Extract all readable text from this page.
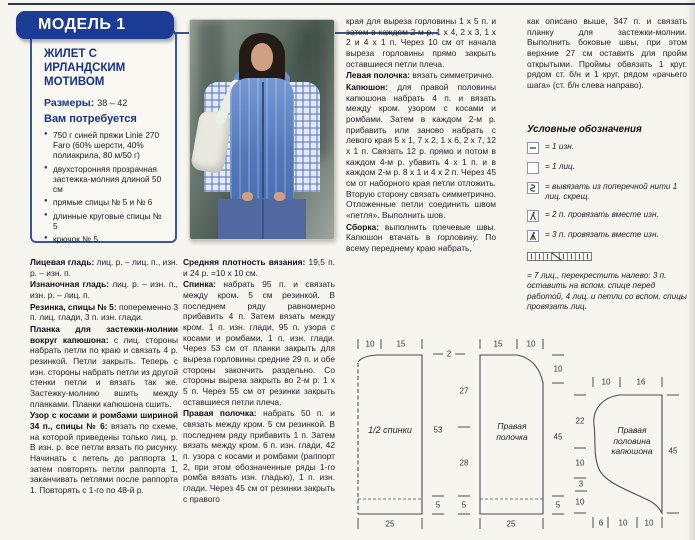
МОДЕЛЬ 1

ЖИЛЕТ С ИРЛАНДСКИМ МОТИВОМ

Размеры: 38 – 42

Вам потребуется

● 750 г синей пряжи Linie 270 Faro (60% шерсти, 40% полиакрила, 80 м/50 г)
● двухсторонняя прозрачная застежка-молния длиной 50 см
● прямые спицы № 5 и № 6
● длинные круговые спицы № 5
● крючок № 5

Лицевая гладь: лиц. р. – лиц. п., изн. р. – изн. п.

Изнаночная гладь: лиц. р. – изн. п., изн. р. – лиц. п.

Резинка, спицы № 5: попеременно 3 п. лиц. глади, 3 п. изн. глади.

Планка для застежки-молнии вокруг капюшона: с лиц. стороны набрать петли по краю и связать 4 р. резинкой. Петли закрыть. Теперь с изн. стороны набрать петли из другой стенки петли и вязать так же. Застежку-молнию вшить между планками. Планки капюшона сшить.

Узор с косами и ромбами шириной 34 п., спицы № 6: вязать по схеме, на которой приведены только лиц. р. В изн. р. все петли вязать по рисунку. Начинать с петель до раппорта 1, затем повторять петли раппорта 1, заканчивать петлями после раппорта 1. Повторять с 1-го по 48-й р.

Средняя плотность вязания: 19,5 п. и 24 р. =10 х 10 см.

Спинка: набрать 95 п. и связать между кром. 5 см резинкой. В последнем ряду равномерно прибавить 4 п. Затем вязать между кром. 1 п. изн. глади, 95 п. узора с косами и ромбами, 1 п. изн. глади. Через 53 см от планки закрыть для выреза горловины средние 29 п. и обе стороны закончить раздельно. Со стороны выреза закрыть во 2-м р. 1 х 5 п. Через 55 см от резинки закрыть оставшиеся петли плеча.

Правая полочка: набрать 50 п. и связать между кром. 5 см резинкой. В последнем ряду прибавить 1 п. Затем вязать между кром. 6 п. изн. глади, 42 п. узора с косами и ромбами (раппорт 2, при этом обозначенные ряды 1-го ромба вязать изн. гладью), 1 п. изн. глади. Через 45 см от резинки закрыть с правого

края для выреза горловины 1 х 5 п. и затем в каждом 2-м р. 1 х 4, 2 х 3, 1 х 2 и 4 х 1 п. Через 10 см от начала выреза горловины прямо закрыть оставшиеся петли плеча.

Левая полочка: вязать симметрично.

Капюшон: для правой половины капюшона набрать 4 п. и вязать между кром. узором с косами и ромбами. Затем в каждом 2-м р. прибавить или заново набрать с левого края 5 х 1, 7 х 2, 1 х 6, 2 х 7, 12 х 1 п. Связать 12 р. прямо и потом в каждом 4-м р. убавить 4 х 1 п. и в каждом 2-м р. 8 х 1 и 4 х 2 п. Через 45 см от наборного края петли отложить. Вторую сторону связать симметрично. Отложенные петли соединить швом «петля». Выполнить шов.

Сборка: выполнить плечевые швы. Капюшон втачать в горловину. По всему переднему краю набрать,

как описано выше, 347 п. и связать планку для застежки-молнии. Выполнить боковые швы, при этом верхние 27 см оставить для пройм открытыми. Проймы обвязать 1 круг. рядом ст. б/н и 1 круг. рядом «рачьего шага» (ст. б/н слева направо).

Условные обозначения

= 1 изн.
= 1 лиц.
= вывязать из поперечной нити 1 лиц. скрещ.
= 2 п. провязать вместе изн.
= 3 п. провязать вместе изн.

= 7 лиц., перекрестить налево: 3 п. оставить на вспом. спице перед работой, 4 лиц. и петли со вспом. спицы провязать лиц.

10	15
2
53
5
25
1/2 спинки
27
28
5
15	10
10
45
5
25
Правая полочка
10	16
22
10
3
10
45
6 10 10
Правая половина капюшона
